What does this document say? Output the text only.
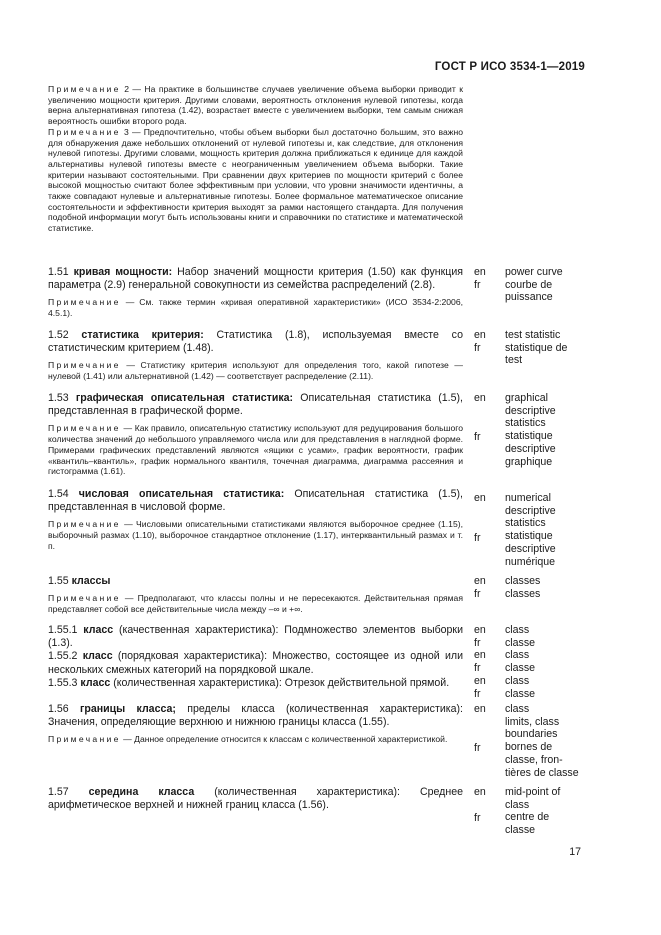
ГОСТ Р ИСО 3534-1—2019

Примечание 2 — На практике в большинстве случаев увеличение объема выборки приводит к увеличению мощности критерия. Другими словами, вероятность отклонения нулевой гипотезы, когда верна альтернативная гипотеза (1.42), возрастает вместе с увеличением выборки, тем самым снижая вероятность ошибки второго рода.

Примечание 3 — Предпочтительно, чтобы объем выборки был достаточно большим, это важно для обнаружения даже небольших отклонений от нулевой гипотезы и, как следствие, для отклонения нулевой гипотезы. Другими словами, мощность критерия должна приближаться к единице для каждой альтернативы нулевой гипотезы вместе с неограниченным увеличением объема выборки. Такие критерии называют состоятельными. При сравнении двух критериев по мощности критерий с более высокой мощностью считают более эффективным при условии, что уровни значимости идентичны, а также совпадают нулевые и альтернативные гипотезы. Более формальное математическое описание состоятельности и эффективности критерия выходят за рамки настоящего стандарта. Для получения подобной информации могут быть использованы книги и справочники по статистике и математической статистике.

1.51 кривая мощности: Набор значений мощности критерия (1.50) как функция параметра (2.9) генеральной совокупности из семейства распределений (2.8).

Примечание — См. также термин «кривая оперативной характеристики» (ИСО 3534-2:2006, 4.5.1).

en
fr
power curve
courbe de
puissance

1.52 статистика критерия: Статистика (1.8), используемая вместе со статистическим критерием (1.48).

Примечание — Статистику критерия используют для определения того, какой гипотезе — нулевой (1.41) или альтернативной (1.42) — соответствует распределение (2.11).

en
fr
test statistic
statistique de
test

1.53 графическая описательная статистика: Описательная статистика (1.5), представленная в графической форме.

Примечание — Как правило, описательную статистику используют для редуцирования большого количества значений до небольшого управляемого числа или для представления в наглядной форме. Примерами графических представлений являются «ящики с усами», график вероятности, график «квантиль–квантиль», график нормального квантиля, точечная диаграмма, диаграмма рассеяния и гистограмма (1.61).

en
fr
graphical
descriptive
statistics
statistique
descriptive
graphique

1.54 числовая описательная статистика: Описательная статистика (1.5), представленная в числовой форме.

Примечание — Числовыми описательными статистиками являются выборочное среднее (1.15), выборочный размах (1.10), выборочное стандартное отклонение (1.17), интерквантильный размах и т. п.

en
fr
numerical
descriptive
statistics
statistique
descriptive
numérique

1.55 классы

Примечание — Предполагают, что классы полны и не пересекаются. Действительная прямая представляет собой все действительные числа между –∞ и +∞.

en
fr
classes
classes

1.55.1 класс (качественная характеристика): Подмножество элементов выборки (1.3).

1.55.2 класс (порядковая характеристика): Множество, состоящее из одной или нескольких смежных категорий на порядковой шкале.

1.55.3 класс (количественная характеристика): Отрезок действительной прямой.

en
fr
en
fr
en
fr
class
classe
class
classe
class
classe

1.56 границы класса; пределы класса (количественная характеристика): Значения, определяющие верхнюю и нижнюю границы класса (1.55).

Примечание — Данное определение относится к классам с количественной характеристикой.

en
fr
class
limits, class
boundaries
bornes de
classe, fron-
tières de classe

1.57 середина класса (количественная характеристика): Среднее арифметическое верхней и нижней границ класса (1.56).

en
fr
mid-point of
class
centre de
classe
17
